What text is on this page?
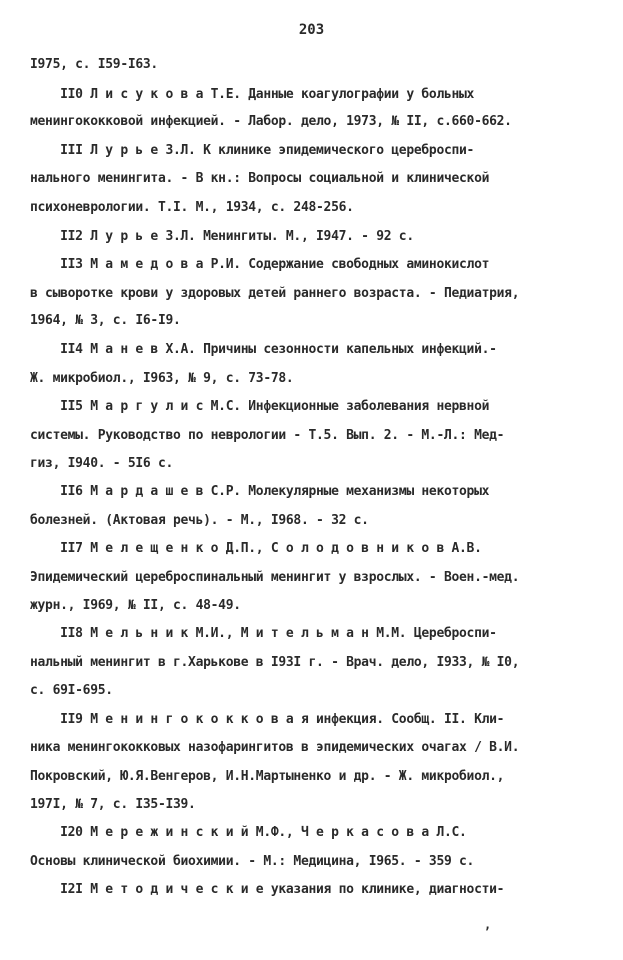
203
I975, с. I59-I63.
II0 Л и с у к о в а Т.Е. Данные коагулографии у больных
менингококковой инфекцией. - Лабор. дело, 1973, № II, с.660-662.
III Л у р ь е З.Л. К клинике эпидемического цереброспи-
нального менингита. - В кн.: Вопросы социальной и клинической
психоневрологии. Т.I. М., 1934, с. 248-256.
II2 Л у р ь е З.Л. Менингиты. М., I947. - 92 с.
II3 М а м е д о в а Р.И. Содержание свободных аминокислот
в сыворотке крови у здоровых детей раннего возраста. - Педиатрия,
1964, № 3, с. I6-I9.
II4 М а н е в Х.А. Причины сезонности капельных инфекций.-
Ж. микробиол., I963, № 9, с. 73-78.
II5 М а р г у л и с М.С. Инфекционные заболевания нервной
системы. Руководство по неврологии - Т.5. Вып. 2. - М.-Л.: Мед-
гиз, I940. - 5I6 с.
II6 М а р д а ш е в С.Р. Молекулярные механизмы некоторых
болезней. (Актовая речь). - М., I968. - 32 с.
II7 М е л е щ е н к о Д.П., С о л о д о в н и к о в А.В.
Эпидемический цереброспинальный менингит у взрослых. - Воен.-мед.
журн., I969, № II, с. 48-49.
II8 М е л ь н и к М.И., М и т е л ь м а н М.М. Цереброспи-
нальный менингит в г.Харькове в I93I г. - Врач. дело, I933, № I0,
с. 69I-695.
II9 М е н и н г о к о к к о в а я инфекция. Сообщ. II. Кли-
ника менингококковых назофарингитов в эпидемических очагах / В.И.
Покровский, Ю.Я.Венгеров, И.Н.Мартыненко и др. - Ж. микробиол.,
197I, № 7, с. I35-I39.
I20 М е р е ж и н с к и й М.Ф., Ч е р к а с о в а Л.С.
Основы клинической биохимии. - М.: Медицина, I965. - 359 с.
I2I М е т о д и ч е с к и е указания по клинике, диагности-
,
